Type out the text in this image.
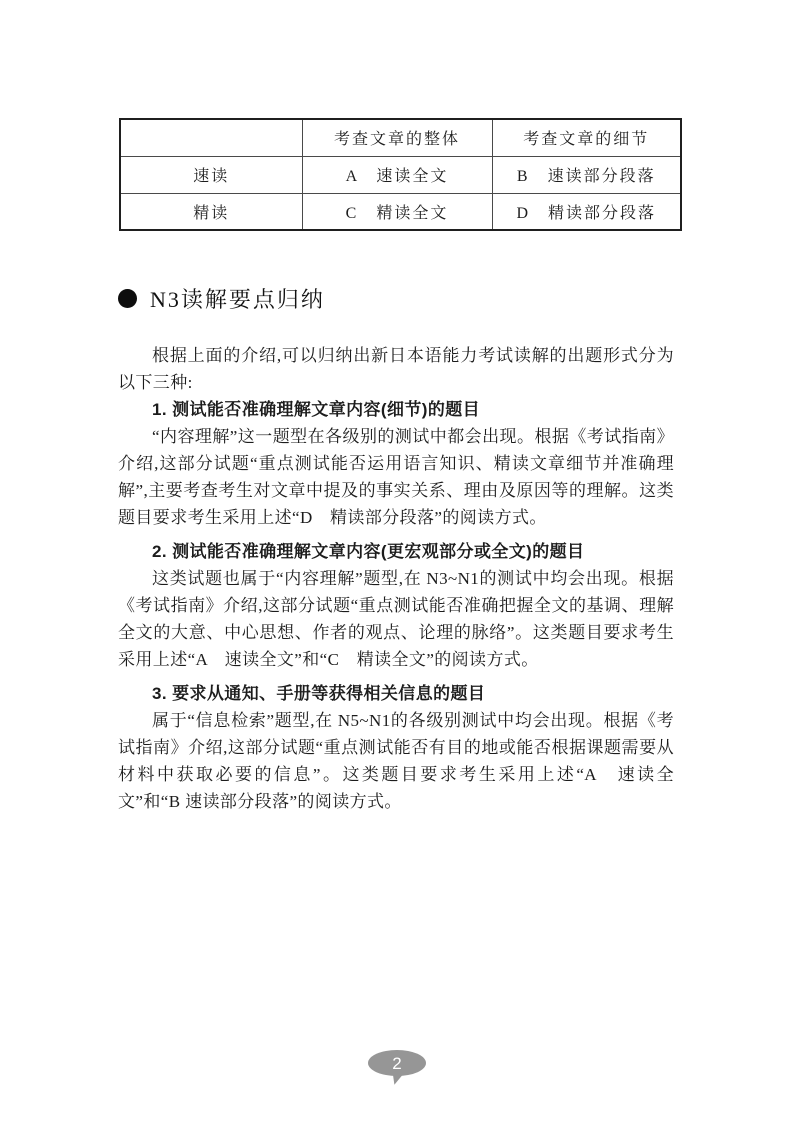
	考查文章的整体	考查文章的细节
速读	A　速读全文	B　速读部分段落
精读	C　精读全文	D　精读部分段落
N3读解要点归纳

根据上面的介绍,可以归纳出新日本语能力考试读解的出题形式分为以下三种:

1. 测试能否准确理解文章内容(细节)的题目

“内容理解”这一题型在各级别的测试中都会出现。根据《考试指南》介绍,这部分试题“重点测试能否运用语言知识、精读文章细节并准确理解”,主要考查考生对文章中提及的事实关系、理由及原因等的理解。这类题目要求考生采用上述“D　精读部分段落”的阅读方式。

2. 测试能否准确理解文章内容(更宏观部分或全文)的题目

这类试题也属于“内容理解”题型,在 N3~N1的测试中均会出现。根据《考试指南》介绍,这部分试题“重点测试能否准确把握全文的基调、理解全文的大意、中心思想、作者的观点、论理的脉络”。这类题目要求考生采用上述“A　速读全文”和“C　精读全文”的阅读方式。

3. 要求从通知、手册等获得相关信息的题目

属于“信息检索”题型,在 N5~N1的各级别测试中均会出现。根据《考试指南》介绍,这部分试题“重点测试能否有目的地或能否根据课题需要从材料中获取必要的信息”。这类题目要求考生采用上述“A　速读全文”和“B 速读部分段落”的阅读方式。

2
